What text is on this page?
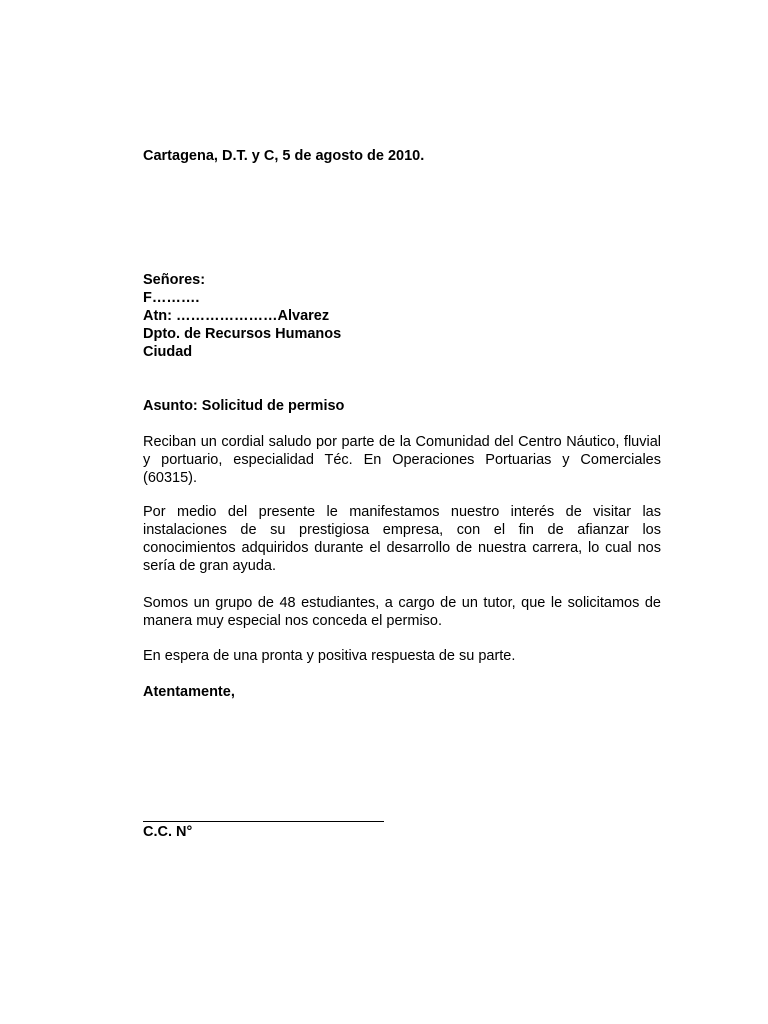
Cartagena, D.T. y C, 5 de agosto de 2010.
Señores:
F……….
Atn: …………………Alvarez
Dpto. de Recursos Humanos
Ciudad
Asunto: Solicitud de permiso
Reciban un cordial saludo por parte de la Comunidad del Centro Náutico, fluvial y portuario, especialidad Téc. En Operaciones Portuarias y Comerciales (60315).
Por medio del presente le manifestamos nuestro interés de visitar las instalaciones de su prestigiosa empresa, con el fin de afianzar los conocimientos adquiridos durante el desarrollo de nuestra carrera, lo cual nos sería de gran ayuda.
Somos un grupo de 48 estudiantes, a cargo de un tutor, que le solicitamos de manera muy especial nos conceda el permiso.
En espera de una pronta y positiva respuesta de su parte.
Atentamente,
C.C. N°
